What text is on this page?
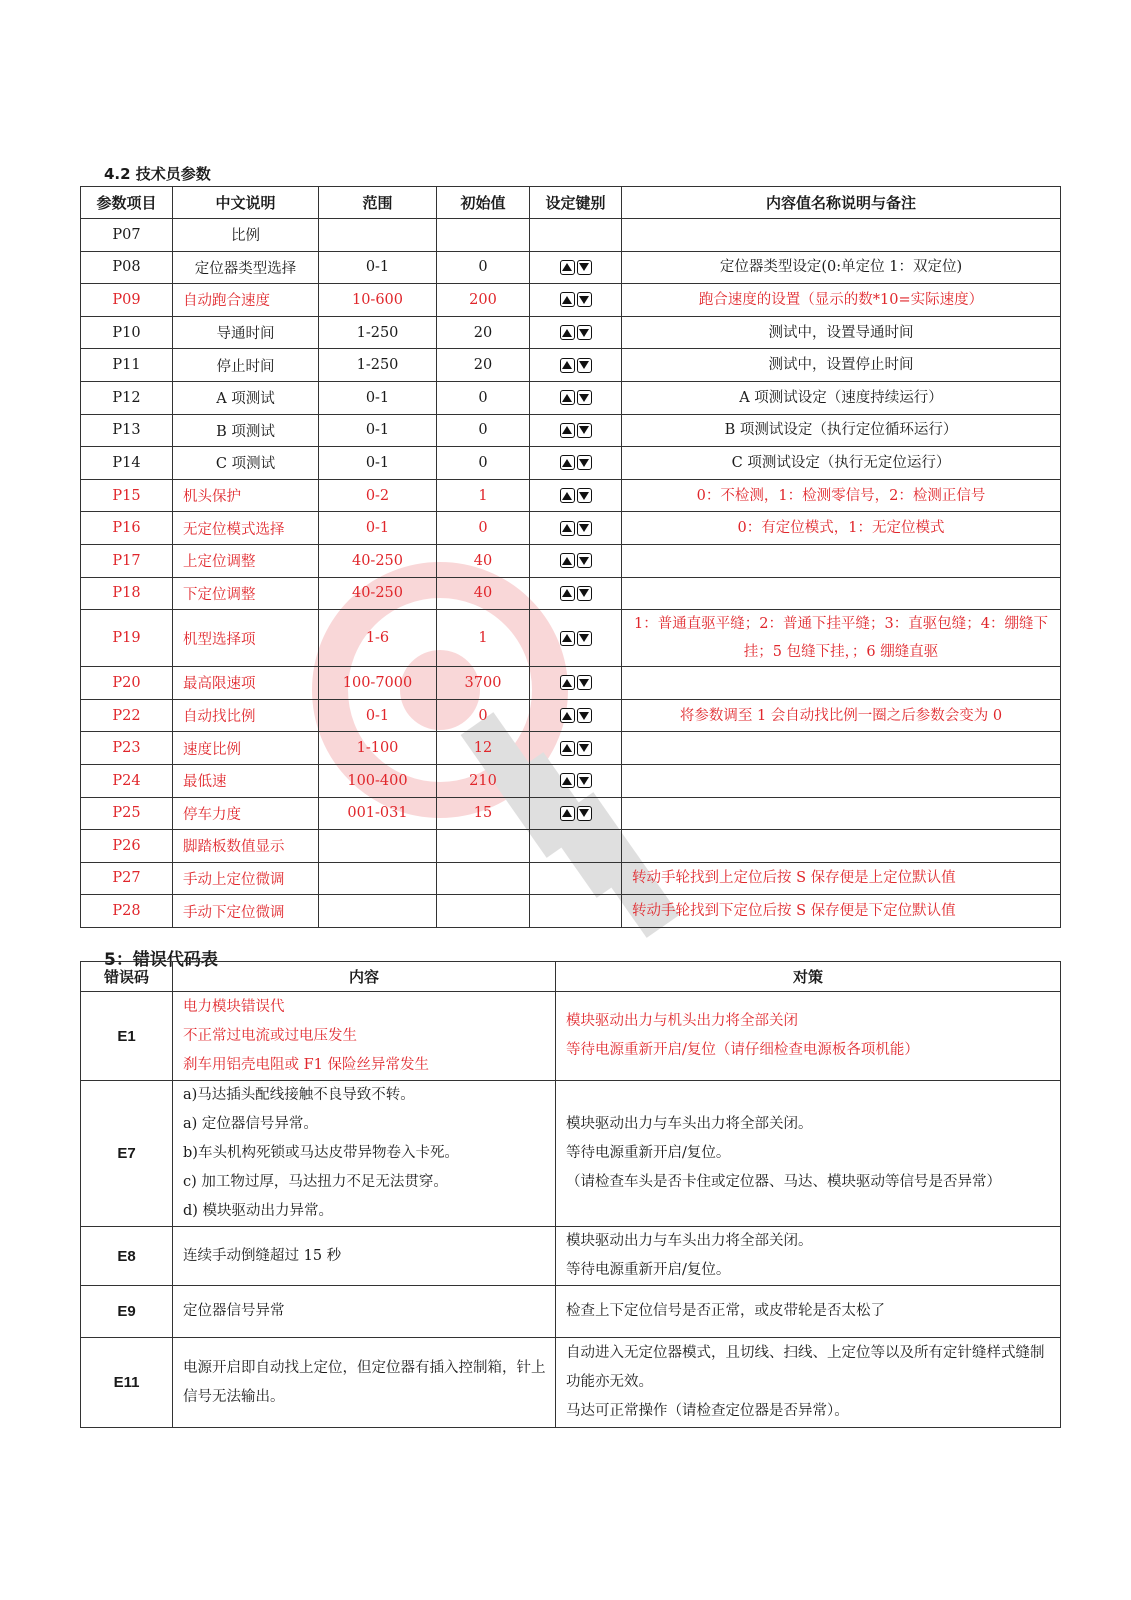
4.2 技术员参数
参数项目	中文说明	范围	初始值	设定键别	内容值名称说明与备注
P07	比例				
P08	定位器类型选择	0-1	0		定位器类型设定(0:单定位 1：双定位)
P09	自动跑合速度	10-600	200		跑合速度的设置（显示的数*10=实际速度）
P10	导通时间	1-250	20		测试中，设置导通时间
P11	停止时间	1-250	20		测试中，设置停止时间
P12	A 项测试	0-1	0		A 项测试设定（速度持续运行）
P13	B 项测试	0-1	0		B 项测试设定（执行定位循环运行）
P14	C 项测试	0-1	0		C 项测试设定（执行无定位运行）
P15	机头保护	0-2	1		0：不检测，1：检测零信号，2：检测正信号
P16	无定位模式选择	0-1	0		0：有定位模式，1：无定位模式
P17	上定位调整	40-250	40	

P18	下定位调整	40-250	40	

P19	机型选择项	1-6	1		1：普通直驱平缝；2：普通下挂平缝；3：直驱包缝；4：绷缝下挂；5 包缝下挂，；6 绷缝直驱
P20	最高限速项	100-7000	3700	

P22	自动找比例	0-1	0		将参数调至 1 会自动找比例一圈之后参数会变为 0
P23	速度比例	1-100	12	

P24	最低速	100-400	210	

P25	停车力度	001-031	15	

P26	脚踏板数值显示				
P27	手动上定位微调				转动手轮找到上定位后按 S 保存便是上定位默认值
P28	手动下定位微调				转动手轮找到下定位后按 S 保存便是下定位默认值
5：错误代码表
错误码	内容	对策
E1	电力模块错误代
不正常过电流或过电压发生
刹车用铝壳电阻或 F1 保险丝异常发生	模块驱动出力与机头出力将全部关闭
等待电源重新开启/复位（请仔细检查电源板各项机能）

E7	a)马达插头配线接触不良导致不转。
a) 定位器信号异常。
b)车头机构死锁或马达皮带异物卷入卡死。
c) 加工物过厚，马达扭力不足无法贯穿。
d) 模块驱动出力异常。	模块驱动出力与车头出力将全部关闭。
等待电源重新开启/复位。
（请检查车头是否卡住或定位器、马达、模块驱动等信号是否异常）

E8	连续手动倒缝超过 15 秒	模块驱动出力与车头出力将全部关闭。
等待电源重新开启/复位。

E9	定位器信号异常	检查上下定位信号是否正常，或皮带轮是否太松了

E11	电源开启即自动找上定位，但定位器有插入控制箱，针上信号无法输出。	自动进入无定位器模式，且切线、扫线、上定位等以及所有定针缝样式缝制功能亦无效。
马达可正常操作（请检查定位器是否异常）。
